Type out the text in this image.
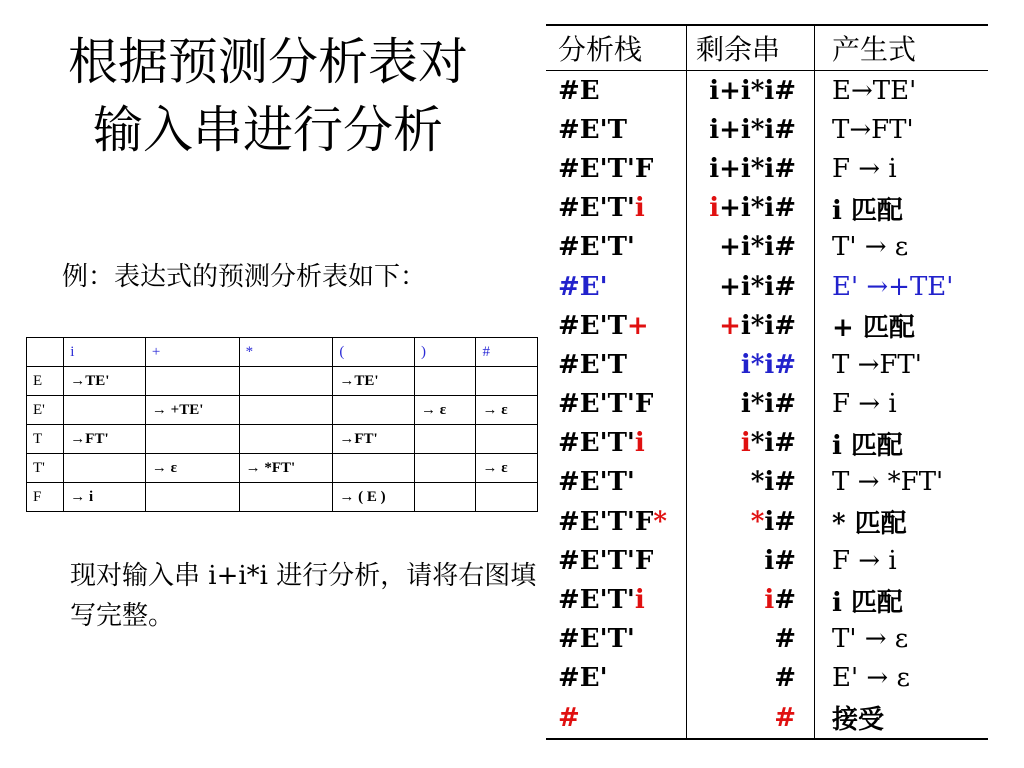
根据预测分析表对
输入串进行分析
例：表达式的预测分析表如下：
	i	+	*	(	)	#
E	→TE'			→TE'		
E'		→ +TE'			→ ε	→ ε
T	→FT'			→FT'		
T'		→ ε	→ *FT'			→ ε
F	→ i			→ ( E )		
现对输入串 i+i*i 进行分析，请将右图填写完整。
分析栈	剩余串	产生式
#E	i+i*i#	E→TE'
#E'T	i+i*i#	T→FT'
#E'T'F	i+i*i#	F → i
#E'T'i	i+i*i#	i 匹配
#E'T'	+i*i#	T' → ε
#E'	+i*i#	E' →+TE'
#E'T+	+i*i#	+ 匹配
#E'T	i*i#	T →FT'
#E'T'F	i*i#	F → i
#E'T'i	i*i#	i 匹配
#E'T'	*i#	T → *FT'
#E'T'F*	*i#	* 匹配
#E'T'F	i#	F → i
#E'T'i	i#	i 匹配
#E'T'	#	T' → ε
#E'	#	E' → ε
#	#	接受
